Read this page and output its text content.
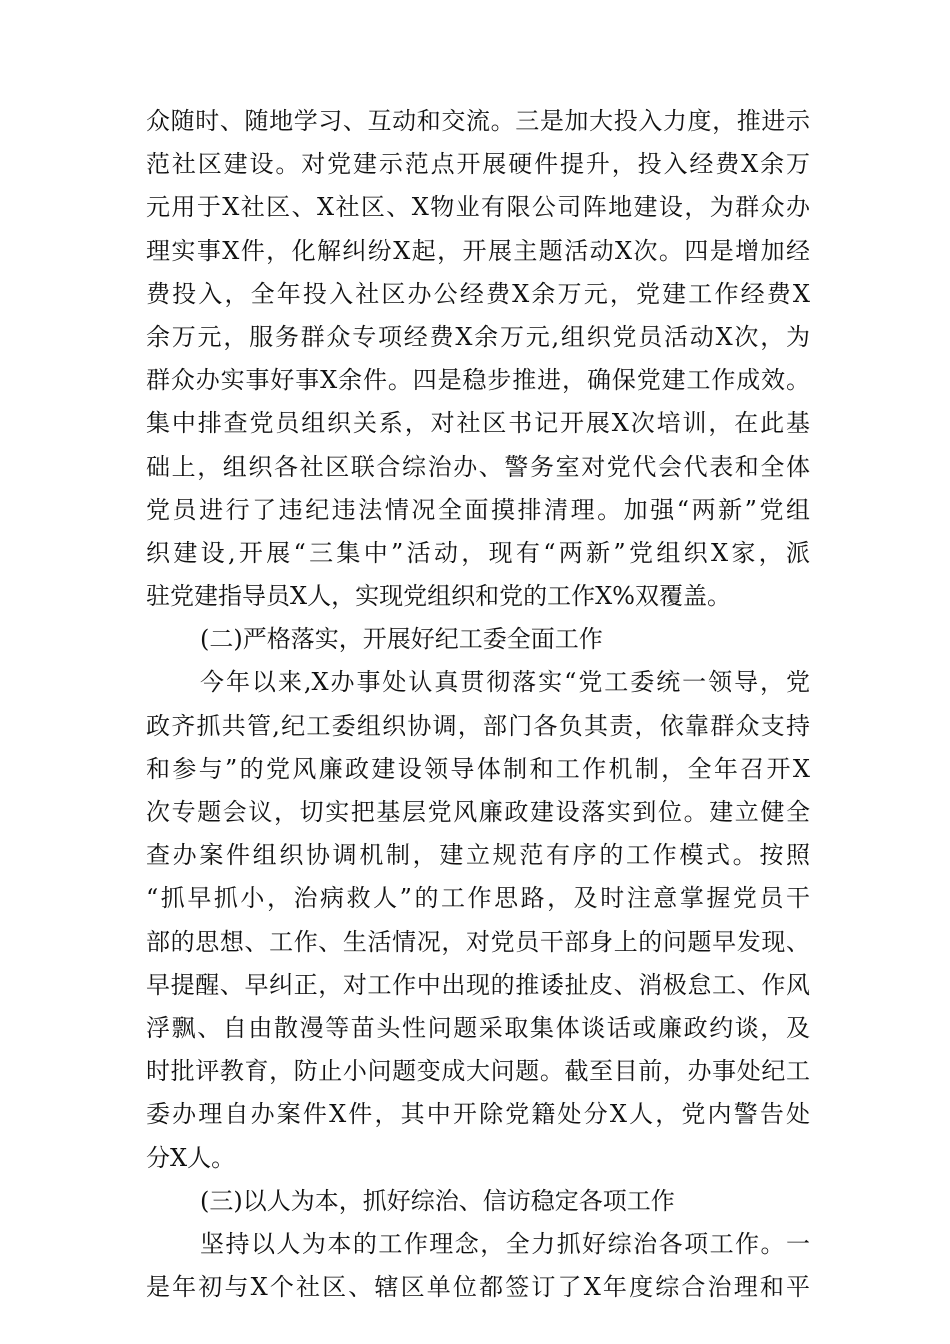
众随时、随地学习、互动和交流。三是加大投入力度，推进示
范社区建设。对党建示范点开展硬件提升，投入经费X余万
元用于X社区、X社区、X物业有限公司阵地建设，为群众办
理实事X件，化解纠纷X起，开展主题活动X次。四是增加经
费投入，全年投入社区办公经费X余万元，党建工作经费X
余万元，服务群众专项经费X余万元,组织党员活动X次，为
群众办实事好事X余件。四是稳步推进，确保党建工作成效。
集中排查党员组织关系，对社区书记开展X次培训，在此基
础上，组织各社区联合综治办、警务室对党代会代表和全体
党员进行了违纪违法情况全面摸排清理。加强“两新”党组
织建设,开展“三集中”活动，现有“两新”党组织X家，派
驻党建指导员X人，实现党组织和党的工作X%双覆盖。
(二)严格落实，开展好纪工委全面工作
今年以来,X办事处认真贯彻落实“党工委统一领导，党
政齐抓共管,纪工委组织协调，部门各负其责，依靠群众支持
和参与”的党风廉政建设领导体制和工作机制，全年召开X
次专题会议，切实把基层党风廉政建设落实到位。建立健全
查办案件组织协调机制，建立规范有序的工作模式。按照
“抓早抓小，治病救人”的工作思路，及时注意掌握党员干
部的思想、工作、生活情况，对党员干部身上的问题早发现、
早提醒、早纠正，对工作中出现的推诿扯皮、消极怠工、作风
浮飘、自由散漫等苗头性问题采取集体谈话或廉政约谈，及
时批评教育，防止小问题变成大问题。截至目前，办事处纪工
委办理自办案件X件，其中开除党籍处分X人，党内警告处
分X人。
(三)以人为本，抓好综治、信访稳定各项工作
坚持以人为本的工作理念，全力抓好综治各项工作。一
是年初与X个社区、辖区单位都签订了X年度综合治理和平
